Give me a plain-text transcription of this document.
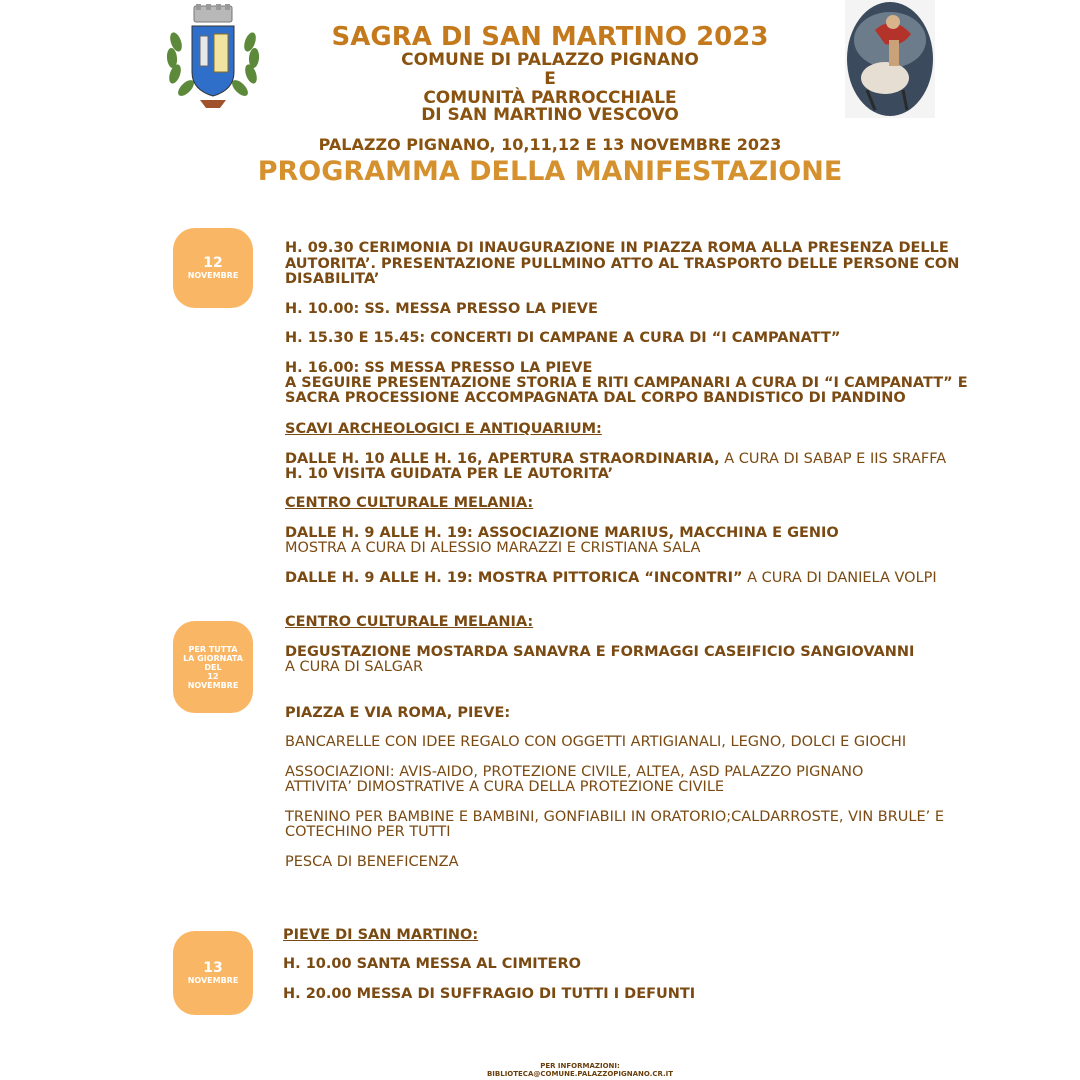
SAGRA DI SAN MARTINO 2023
COMUNE DI PALAZZO PIGNANO
E
COMUNITÀ PARROCCHIALE
DI SAN MARTINO VESCOVO
PALAZZO PIGNANO, 10,11,12 E 13 NOVEMBRE 2023
PROGRAMMA DELLA MANIFESTAZIONE
12
NOVEMBRE
PER TUTTA
LA GIORNATA
DEL
12
NOVEMBRE
13
NOVEMBRE
H. 09.30 CERIMONIA DI INAUGURAZIONE IN PIAZZA ROMA ALLA PRESENZA DELLE
AUTORITA’. PRESENTAZIONE PULLMINO ATTO AL TRASPORTO DELLE PERSONE CON
DISABILITA’
H. 10.00: SS. MESSA PRESSO LA PIEVE
H. 15.30 E 15.45: CONCERTI DI CAMPANE A CURA DI “I CAMPANATT”
H. 16.00: SS MESSA PRESSO LA PIEVE
A SEGUIRE PRESENTAZIONE STORIA E RITI CAMPANARI A CURA DI “I CAMPANATT” E
SACRA PROCESSIONE ACCOMPAGNATA DAL CORPO BANDISTICO DI PANDINO
SCAVI ARCHEOLOGICI E ANTIQUARIUM:
DALLE H. 10 ALLE H. 16, APERTURA STRAORDINARIA, A CURA DI SABAP E IIS SRAFFA
H. 10 VISITA GUIDATA PER LE AUTORITA’
CENTRO CULTURALE MELANIA:
DALLE H. 9 ALLE H. 19: ASSOCIAZIONE MARIUS, MACCHINA E GENIO
MOSTRA A CURA DI ALESSIO MARAZZI E CRISTIANA SALA
DALLE H. 9 ALLE H. 19: MOSTRA PITTORICA “INCONTRI” A CURA DI DANIELA VOLPI
CENTRO CULTURALE MELANIA:
DEGUSTAZIONE MOSTARDA SANAVRA E FORMAGGI CASEIFICIO SANGIOVANNI
A CURA DI SALGAR
PIAZZA E VIA ROMA, PIEVE:
BANCARELLE CON IDEE REGALO CON OGGETTI ARTIGIANALI, LEGNO, DOLCI E GIOCHI
ASSOCIAZIONI: AVIS-AIDO, PROTEZIONE CIVILE, ALTEA, ASD PALAZZO PIGNANO
ATTIVITA’ DIMOSTRATIVE A CURA DELLA PROTEZIONE CIVILE
TRENINO PER BAMBINE E BAMBINI, GONFIABILI IN ORATORIO;CALDARROSTE, VIN BRULE’ E
COTECHINO PER TUTTI
PESCA DI BENEFICENZA
PIEVE DI SAN MARTINO:
H. 10.00 SANTA MESSA AL CIMITERO
H. 20.00 MESSA DI SUFFRAGIO DI TUTTI I DEFUNTI
PER INFORMAZIONI:
BIBLIOTECA@COMUNE.PALAZZOPIGNANO.CR.IT
